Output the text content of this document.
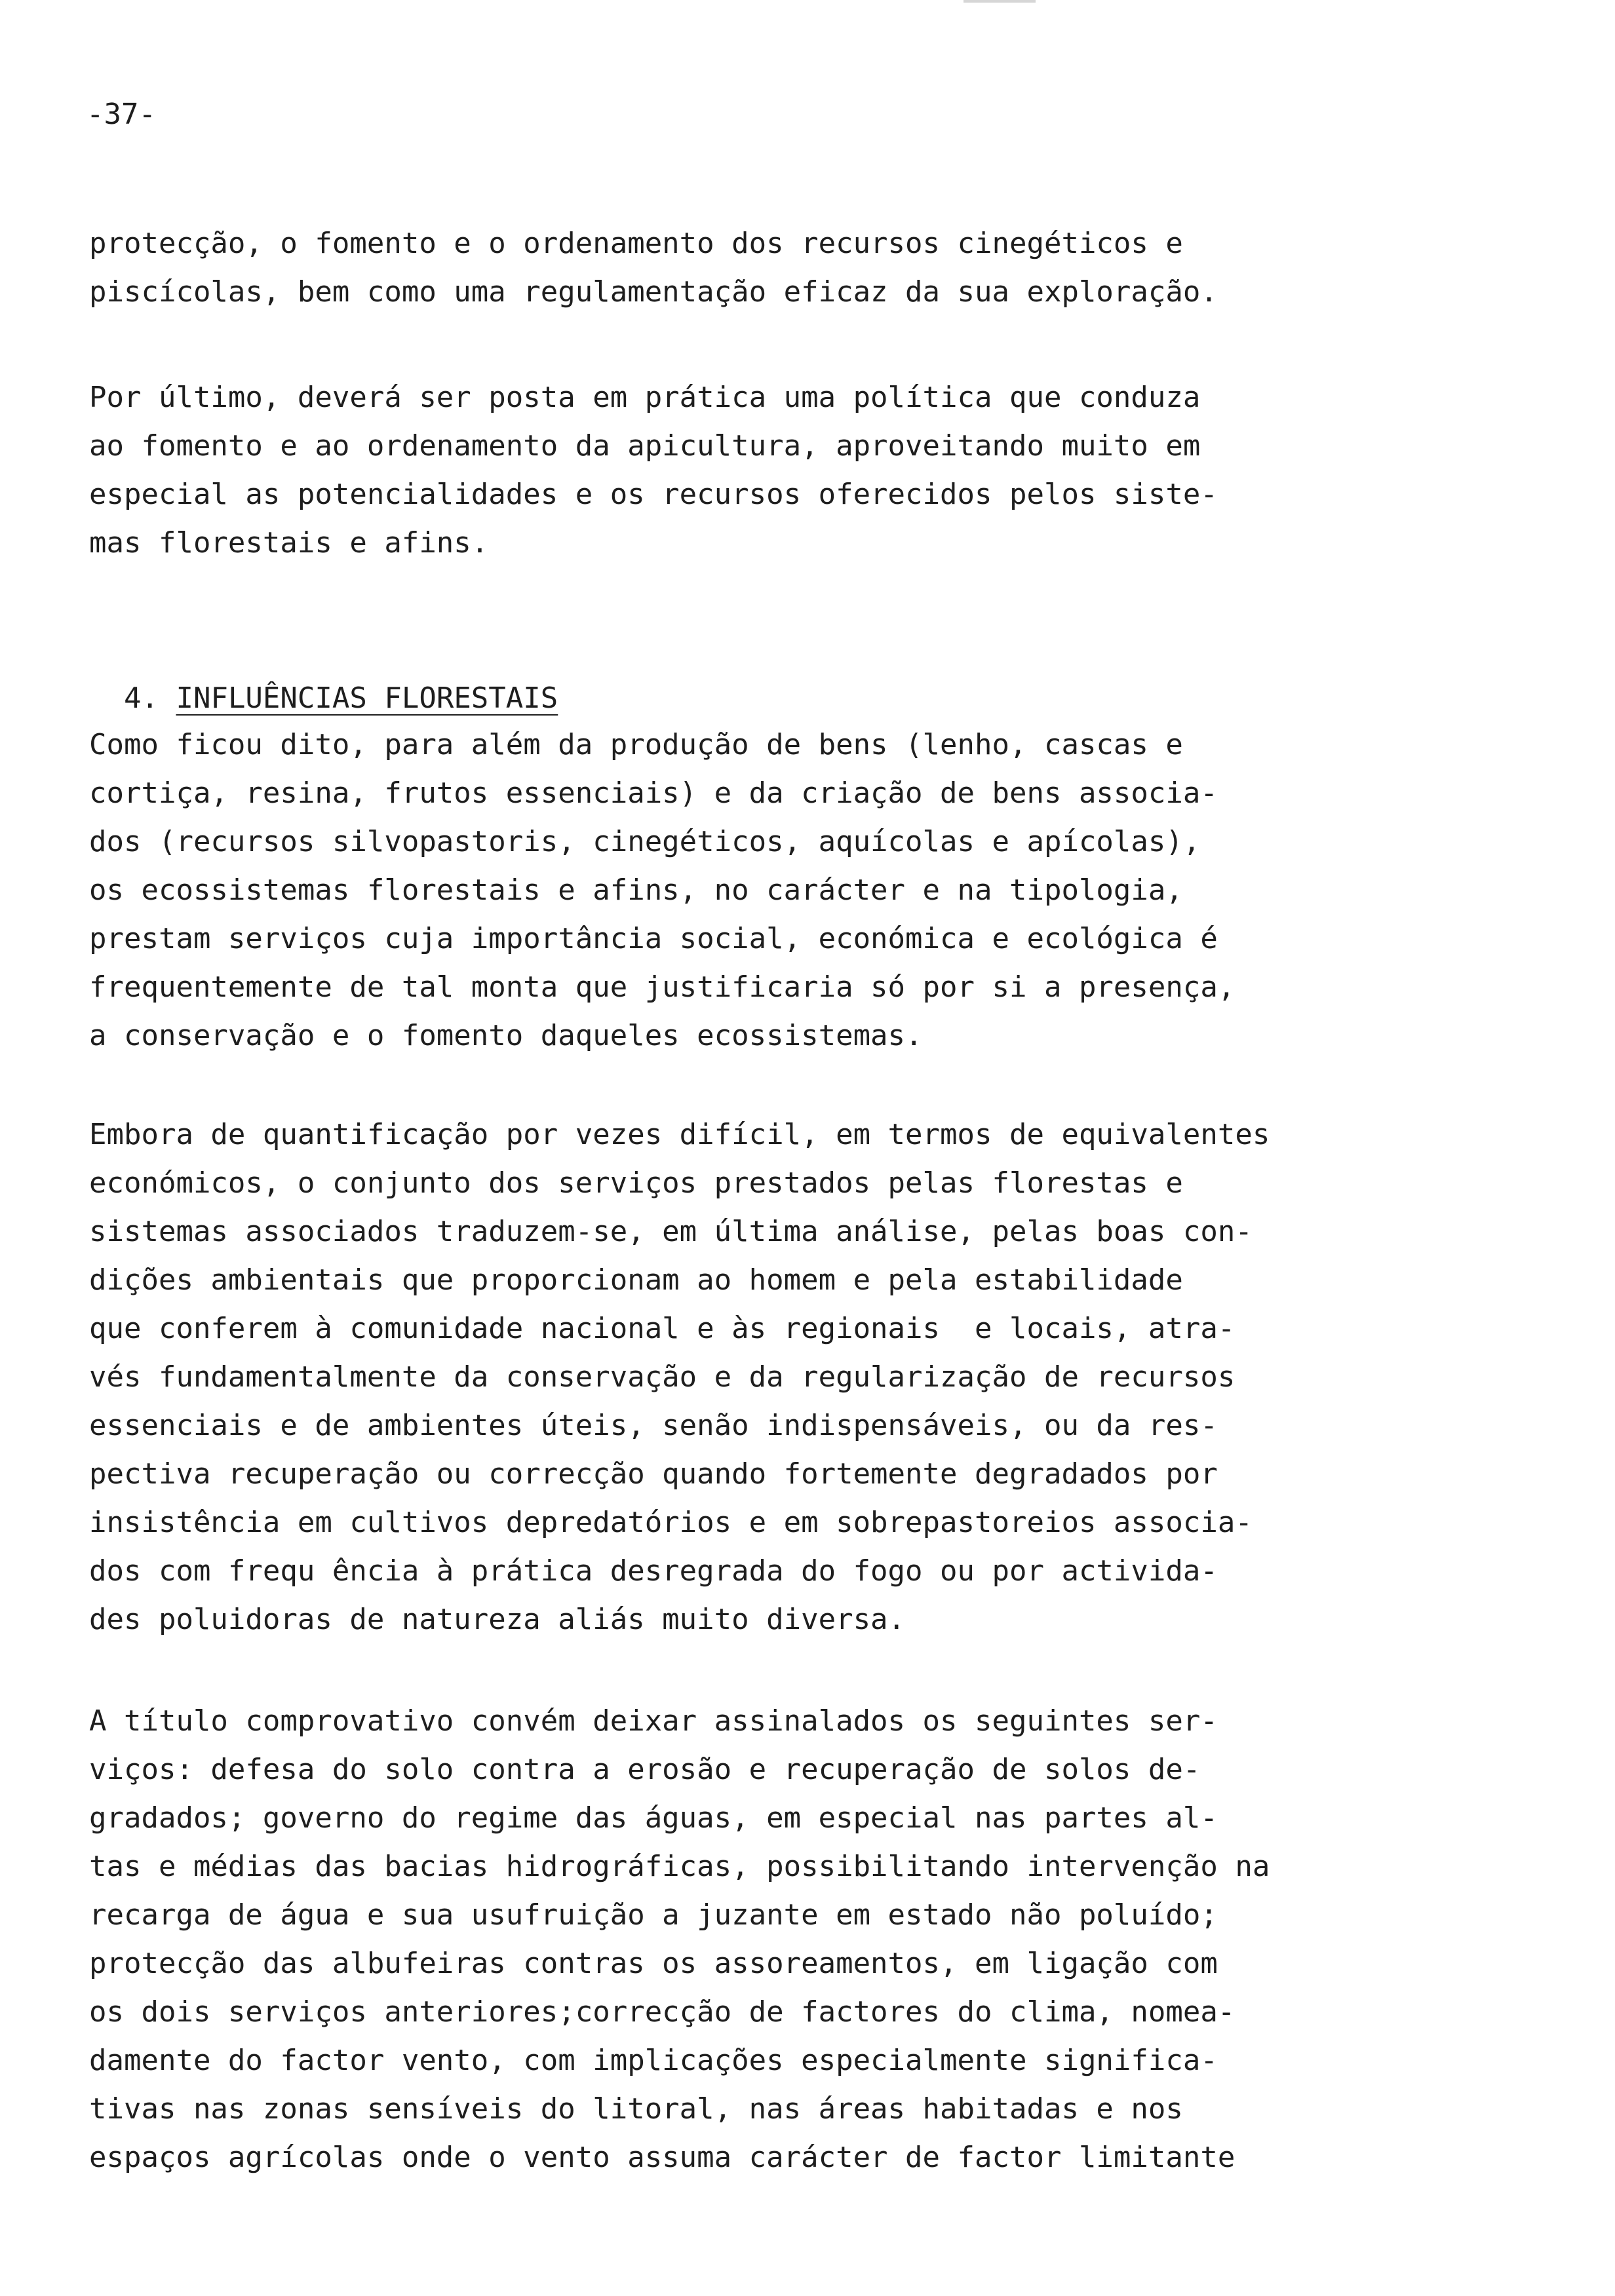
-37-
protecção, o fomento e o ordenamento dos recursos cinegéticos e
piscícolas, bem como uma regulamentação eficaz da sua exploração.
Por último, deverá ser posta em prática uma política que conduza
ao fomento e ao ordenamento da apicultura, aproveitando muito em
especial as potencialidades e os recursos oferecidos pelos siste-
mas florestais e afins.

4. INFLUÊNCIAS FLORESTAIS

Como ficou dito, para além da produção de bens (lenho, cascas e
cortiça, resina, frutos essenciais) e da criação de bens associa-
dos (recursos silvopastoris, cinegéticos, aquícolas e apícolas),
os ecossistemas florestais e afins, no carácter e na tipologia,
prestam serviços cuja importância social, económica e ecológica é
frequentemente de tal monta que justificaria só por si a presença,
a conservação e o fomento daqueles ecossistemas.
Embora de quantificação por vezes difícil, em termos de equivalentes
económicos, o conjunto dos serviços prestados pelas florestas e
sistemas associados traduzem-se, em última análise, pelas boas con-
dições ambientais que proporcionam ao homem e pela estabilidade
que conferem à comunidade nacional e às regionais  e locais, atra-
vés fundamentalmente da conservação e da regularização de recursos
essenciais e de ambientes úteis, senão indispensáveis, ou da res-
pectiva recuperação ou correcção quando fortemente degradados por
insistência em cultivos depredatórios e em sobrepastoreios associa-
dos com frequ ência à prática desregrada do fogo ou por activida-
des poluidoras de natureza aliás muito diversa.
A título comprovativo convém deixar assinalados os seguintes ser-
viços: defesa do solo contra a erosão e recuperação de solos de-
gradados; governo do regime das águas, em especial nas partes al-
tas e médias das bacias hidrográficas, possibilitando intervenção na
recarga de água e sua usufruição a juzante em estado não poluído;
protecção das albufeiras contras os assoreamentos, em ligação com
os dois serviços anteriores;correcção de factores do clima, nomea-
damente do factor vento, com implicações especialmente significa-
tivas nas zonas sensíveis do litoral, nas áreas habitadas e nos
espaços agrícolas onde o vento assuma carácter de factor limitante
